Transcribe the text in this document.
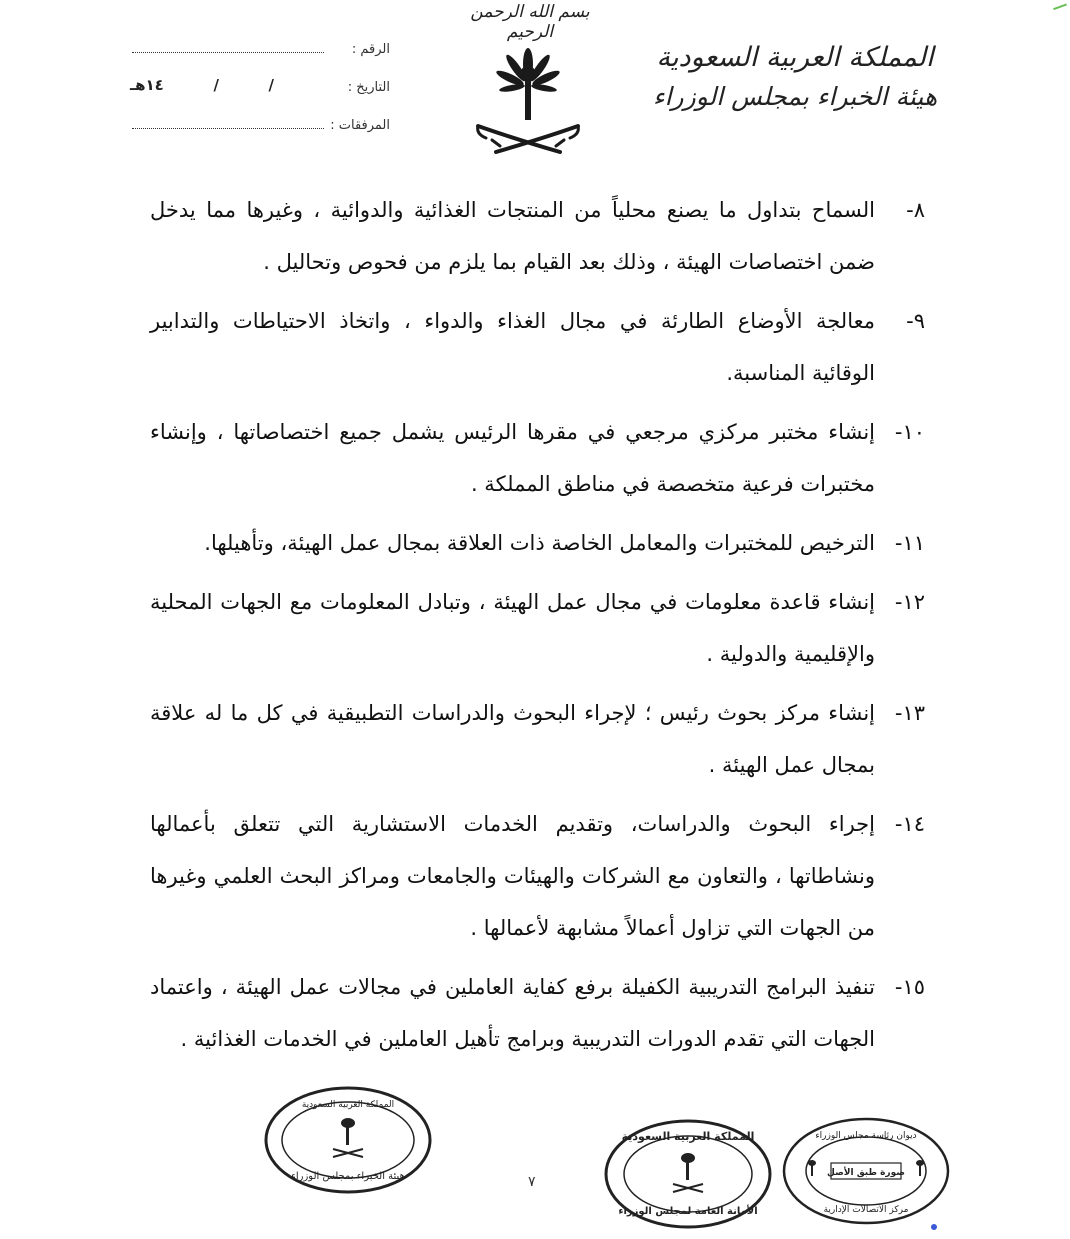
بسم الله الرحمن الرحيم
المملكة العربية السعودية
هيئة الخبراء بمجلس الوزراء
الرقم :
التاريخ :
/
/
١٤هـ
المرفقات :
٨-
السماح بتداول ما يصنع محلياً من المنتجات الغذائية والدوائية ، وغيرها مما يدخل ضمن اختصاصات الهيئة ، وذلك بعد القيام بما يلزم من فحوص وتحاليل .
٩-
معالجة الأوضاع الطارئة في مجال الغذاء والدواء ، واتخاذ الاحتياطات والتدابير الوقائية المناسبة.
١٠-
إنشاء مختبر مركزي مرجعي في مقرها الرئيس يشمل جميع اختصاصاتها ، وإنشاء مختبرات فرعية متخصصة في مناطق المملكة .
١١-
الترخيص للمختبرات والمعامل الخاصة ذات العلاقة بمجال عمل الهيئة، وتأهيلها.
١٢-
إنشاء قاعدة معلومات في مجال عمل الهيئة ، وتبادل المعلومات مع الجهات المحلية والإقليمية والدولية .
١٣-
إنشاء مركز بحوث رئيس ؛ لإجراء البحوث والدراسات التطبيقية في كل ما له علاقة بمجال عمل الهيئة .
١٤-
إجراء البحوث والدراسات، وتقديم الخدمات الاستشارية التي تتعلق بأعمالها ونشاطاتها ، والتعاون مع الشركات والهيئات والجامعات ومراكز البحث العلمي وغيرها من الجهات التي تزاول أعمالاً مشابهة لأعمالها .
١٥-
تنفيذ البرامج التدريبية الكفيلة برفع كفاية العاملين في مجالات عمل الهيئة ، واعتماد الجهات التي تقدم الدورات التدريبية وبرامج تأهيل العاملين في الخدمات الغذائية .
المملكة العربية السعودية
هيئة الخبراء بمجلس الوزراء	٧
المملكة العربية السعودية
الأمانة العامة لمجلس الوزراء
ديوان رئاسة مجلس الوزراء
صورة طبق الأصل
مركز الاتصالات الإدارية
